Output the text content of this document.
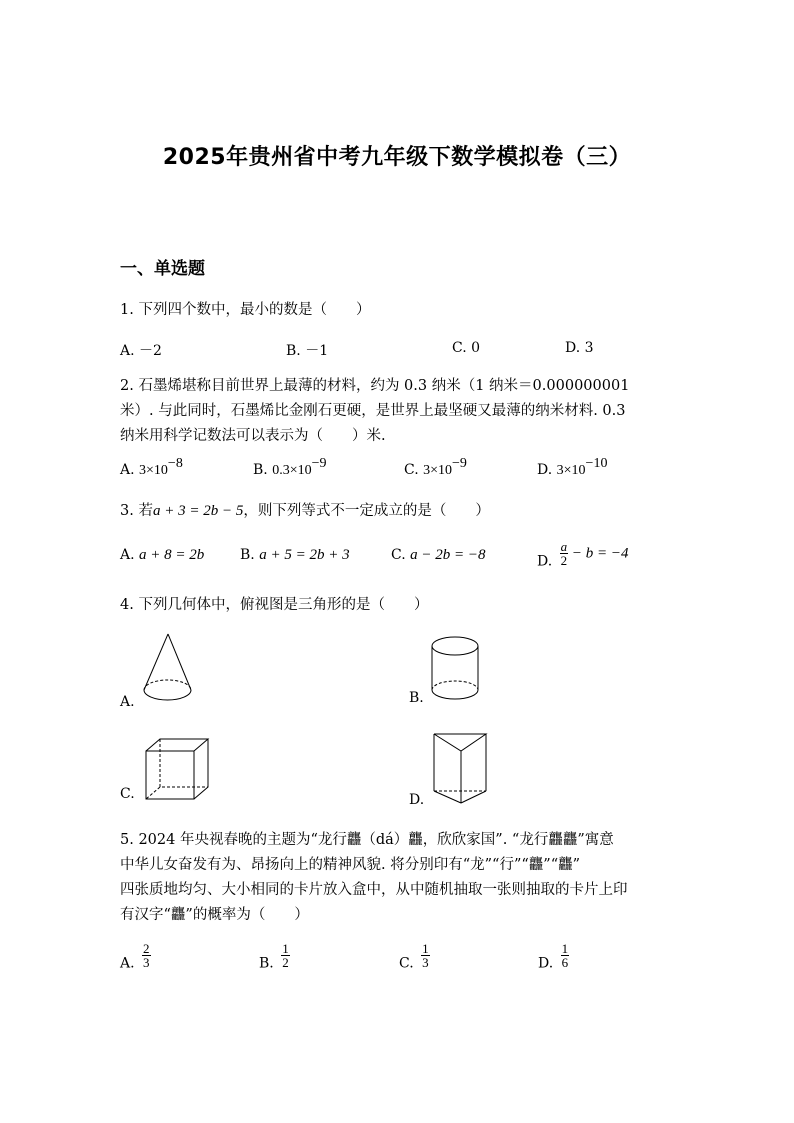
2025年贵州省中考九年级下数学模拟卷（三）
一、单选题
1. 下列四个数中，最小的数是（　　）
A. －2	B. －1	C. 0	D. 3
2. 石墨烯堪称目前世界上最薄的材料，约为 0.3 纳米（1 纳米＝0.000000001
米）. 与此同时，石墨烯比金刚石更硬，是世界上最坚硬又最薄的纳米材料. 0.3
纳米用科学记数法可以表示为（　　）米.
A. $3\times 10^{-8}$	B. $0.3\times 10^{-9}$	C. $3\times 10^{-9}$	D. $3\times 10^{-10}$
3. 若a + 3 = 2b − 5，则下列等式不一定成立的是（　　）
A. a + 8 = 2b	B. a + 5 = 2b + 3	C. a − 2b = −8	D. $\frac{a}{2} - b = -4$
4. 下列几何体中，俯视图是三角形的是（　　）
A.	B.
C.	D.
5. 2024 年央视春晚的主题为“龙行龘（dá）龘，欣欣家国”. “龙行龘龘”寓意
中华儿女奋发有为、昂扬向上的精神风貌. 将分别印有“龙”“行”“龘”“龘”
四张质地均匀、大小相同的卡片放入盒中，从中随机抽取一张则抽取的卡片上印
有汉字“龘”的概率为（　　）
A. $\frac{2}{3}$	B. $\frac{1}{2}$	C. $\frac{1}{3}$	D. $\frac{1}{6}$
